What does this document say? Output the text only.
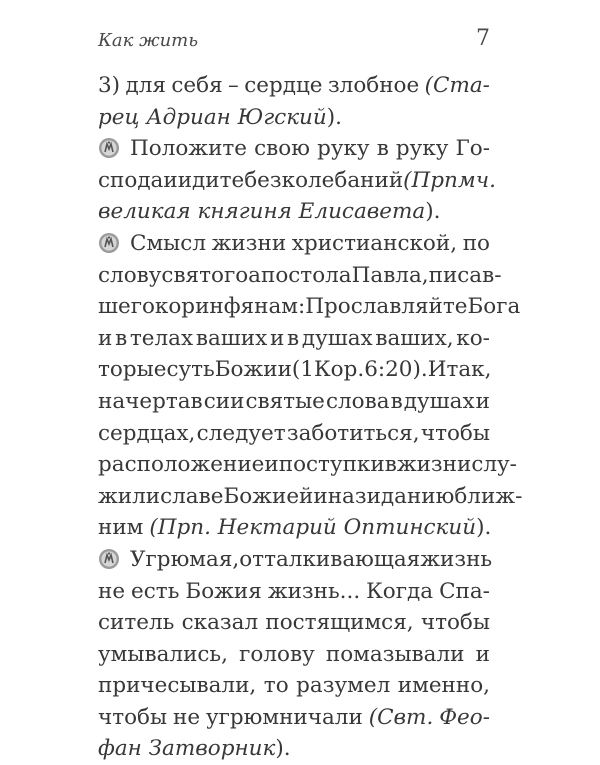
Как жить	7
3) для себя – сердце злобное (Ста-
рец Адриан Югский ).
Положите свою руку в руку Го-
спода и идите без колебаний (Прпмч.
великая княгиня Елисавета ).
Смысл жизни христианской, по
слову святого апостола Павла, писав-
шего коринфянам: Прославляйте Бога
и в телах ваших и в душах ваших, ко-
торые суть Божии (1 Кор. 6:20). Итак,
начертав сии святые слова в душах и
сердцах, следует заботиться, чтобы
расположение и поступки в жизни слу-
жили славе Божией и назиданию ближ-
ним (Прп. Нектарий Оптинский ).
Угрюмая, отталкивающая жизнь
не есть Божия жизнь... Когда Спа-
ситель сказал постящимся, чтобы
умывались, голову помазывали и
причесывали, то разумел именно,
чтобы не угрюмничали (Свт. Фео-
фан Затворник ).
